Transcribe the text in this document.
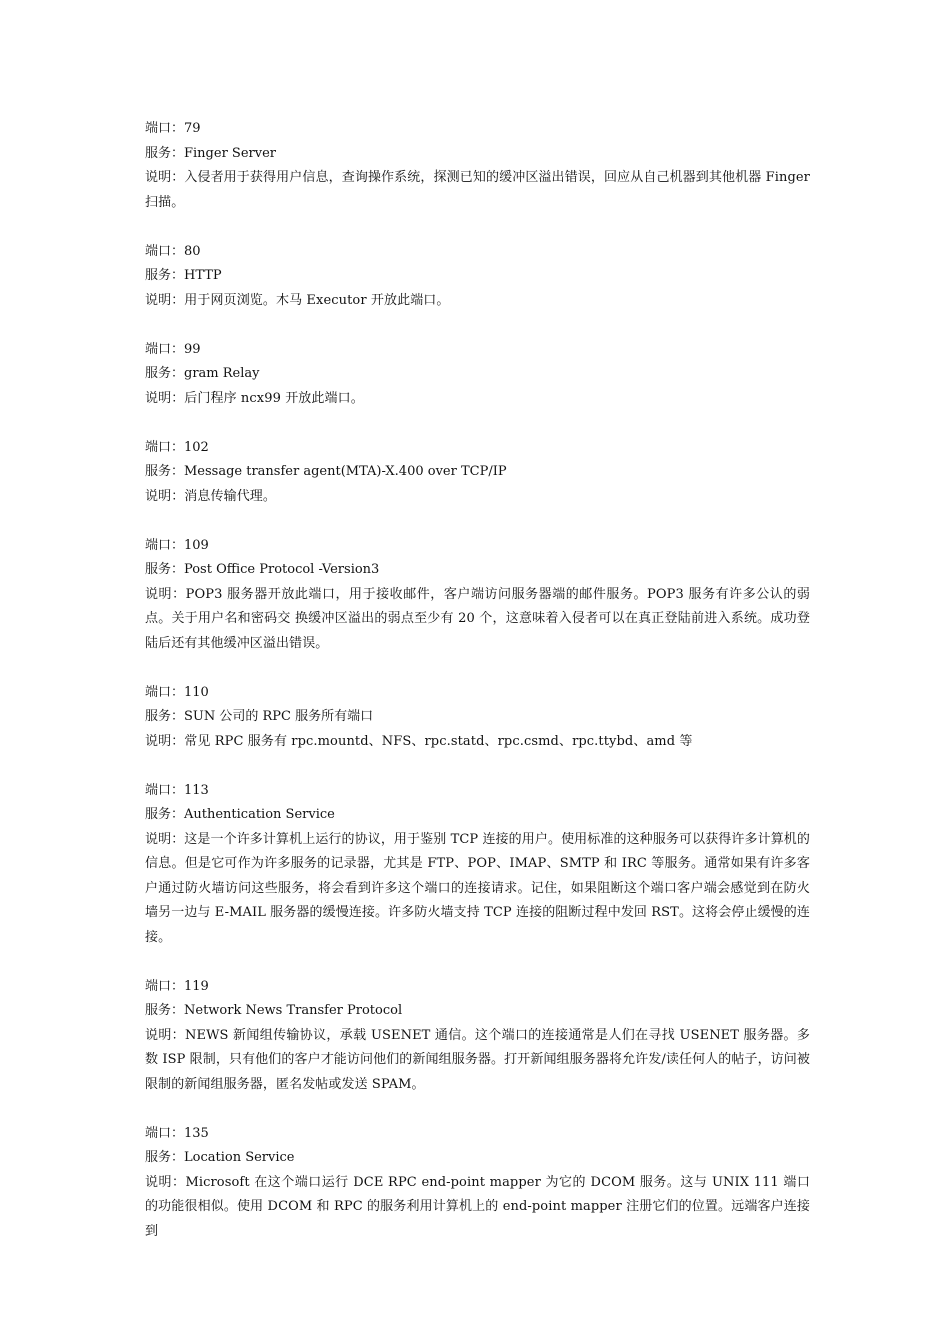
端口：79
服务：Finger Server
说明：入侵者用于获得用户信息，查询操作系统，探测已知的缓冲区溢出错误，回应从自己机器到其他机器 Finger 扫描。
端口：80
服务：HTTP
说明：用于网页浏览。木马 Executor 开放此端口。
端口：99
服务：gram Relay
说明：后门程序 ncx99 开放此端口。
端口：102
服务：Message transfer agent(MTA)-X.400 over TCP/IP
说明：消息传输代理。
端口：109
服务：Post Office Protocol -Version3
说明：POP3 服务器开放此端口，用于接收邮件，客户端访问服务器端的邮件服务。POP3 服务有许多公认的弱点。关于用户名和密码交 换缓冲区溢出的弱点至少有 20 个，这意味着入侵者可以在真正登陆前进入系统。成功登陆后还有其他缓冲区溢出错误。
端口：110
服务：SUN 公司的 RPC 服务所有端口
说明：常见 RPC 服务有 rpc.mountd、NFS、rpc.statd、rpc.csmd、rpc.ttybd、amd 等
端口：113
服务：Authentication Service
说明：这是一个许多计算机上运行的协议，用于鉴别 TCP 连接的用户。使用标准的这种服务可以获得许多计算机的信息。但是它可作为许多服务的记录器，尤其是 FTP、POP、IMAP、SMTP 和 IRC 等服务。通常如果有许多客户通过防火墙访问这些服务，将会看到许多这个端口的连接请求。记住，如果阻断这个端口客户端会感觉到在防火墙另一边与 E-MAIL 服务器的缓慢连接。许多防火墙支持 TCP 连接的阻断过程中发回 RST。这将会停止缓慢的连接。
端口：119
服务：Network News Transfer Protocol
说明：NEWS 新闻组传输协议，承载 USENET 通信。这个端口的连接通常是人们在寻找 USENET 服务器。多数 ISP 限制，只有他们的客户才能访问他们的新闻组服务器。打开新闻组服务器将允许发/读任何人的帖子，访问被限制的新闻组服务器，匿名发帖或发送 SPAM。
端口：135
服务：Location Service
说明：Microsoft 在这个端口运行 DCE RPC end-point mapper 为它的 DCOM 服务。这与 UNIX 111 端口的功能很相似。使用 DCOM 和 RPC 的服务利用计算机上的 end-point mapper 注册它们的位置。远端客户连接到
